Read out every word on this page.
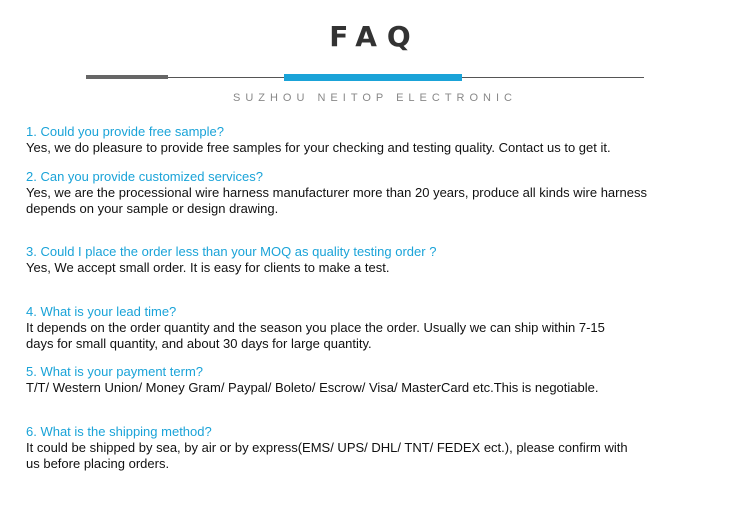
FAQ
SUZHOU NEITOP ELECTRONIC
1. Could you provide free sample?
Yes, we do pleasure to provide free samples for your checking and testing quality. Contact us to get it.
2. Can you provide customized services?
Yes, we are the processional wire harness manufacturer more than 20 years, produce all kinds wire harness
depends on your sample or design drawing.
3. Could I place the order less than your MOQ as quality testing order ?
Yes, We accept small order. It is easy for clients to make a test.
4. What is your lead time?
It depends on the order quantity and the season you place the order. Usually we can ship within 7-15
days for small quantity, and about 30 days for large quantity.
5. What is your payment term?
T/T/ Western Union/ Money Gram/ Paypal/ Boleto/ Escrow/ Visa/ MasterCard etc.This is negotiable.
6. What is the shipping method?
It could be shipped by sea, by air or by express(EMS/ UPS/ DHL/ TNT/ FEDEX ect.), please confirm with
us before placing orders.
